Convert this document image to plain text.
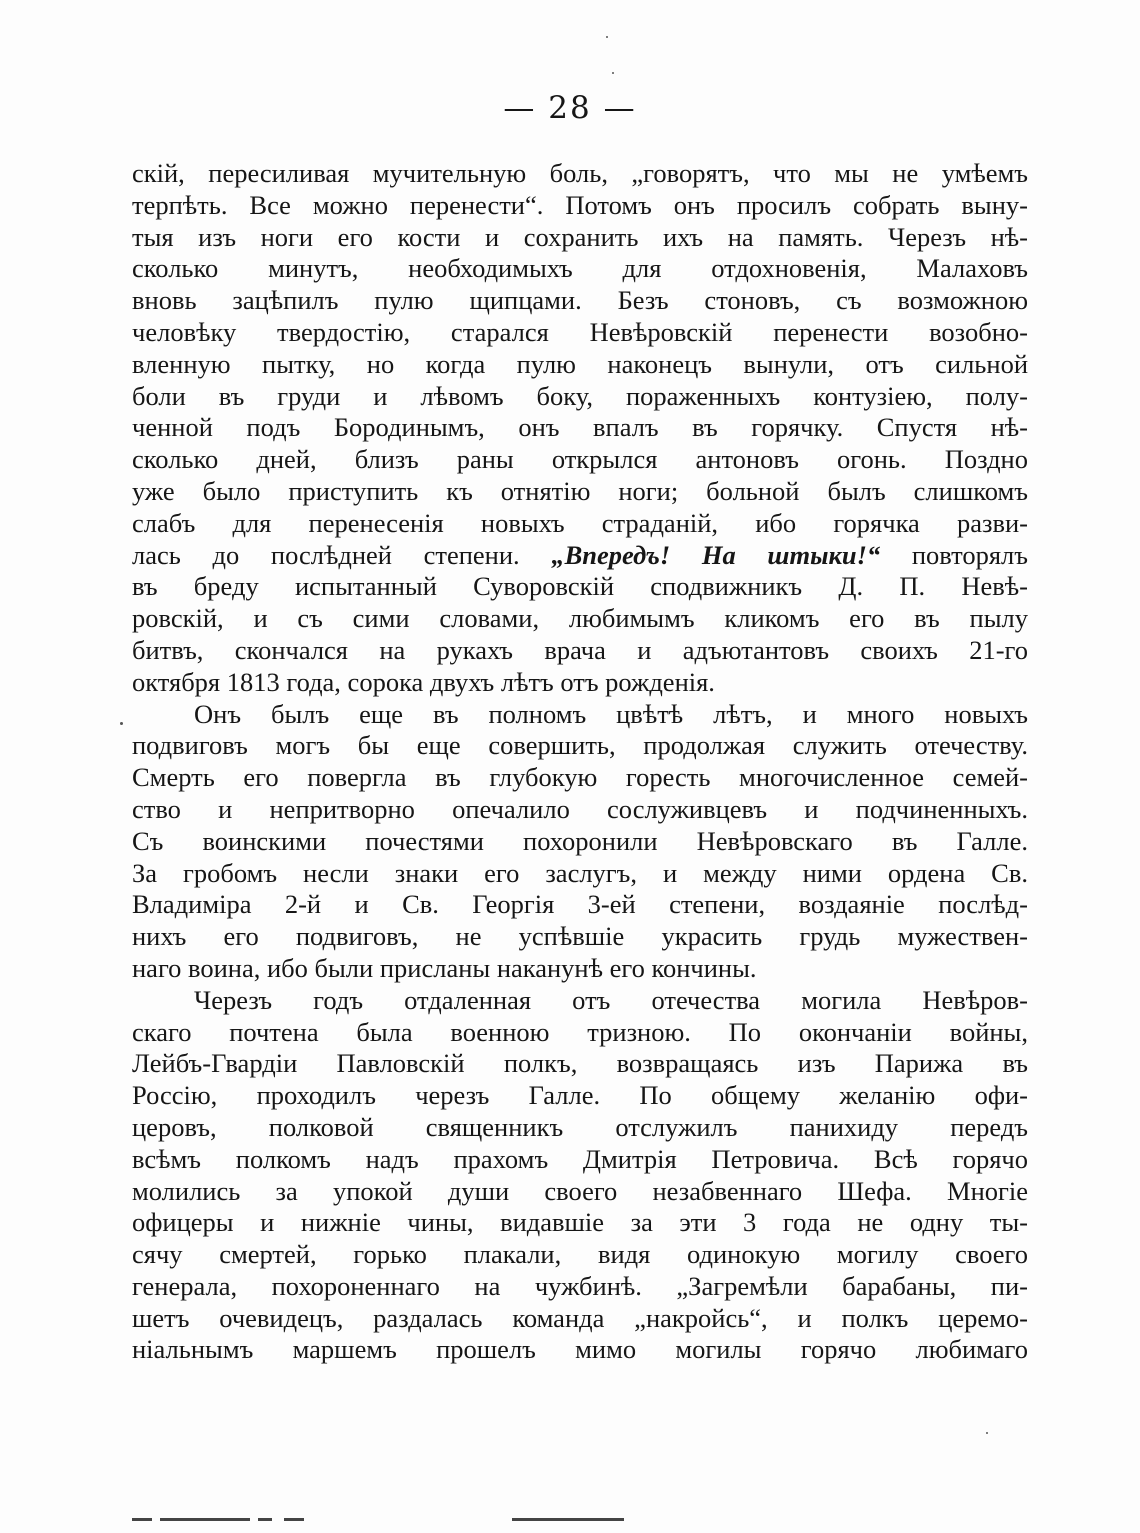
— 28 —
скій, пересиливая мучительную боль, „говорятъ, что мы не умѣемъ
терпѣть. Все можно перенести“. Потомъ онъ просилъ собрать выну-
тыя изъ ноги его кости и сохранить ихъ на память. Черезъ нѣ-
сколько минутъ, необходимыхъ для отдохновенія, Малаховъ
вновь зацѣпилъ пулю щипцами. Безъ стоновъ, съ возможною
человѣку твердостію, старался Невѣровскій перенести возобно-
вленную пытку, но когда пулю наконецъ вынули, отъ сильной
боли въ груди и лѣвомъ боку, пораженныхъ контузіею, полу-
ченной подъ Бородинымъ, онъ впалъ въ горячку. Спустя нѣ-
сколько дней, близъ раны открылся антоновъ огонь. Поздно
уже было приступить къ отнятію ноги; больной былъ слишкомъ
слабъ для перенесенія новыхъ страданій, ибо горячка разви-
лась до послѣдней степени. „Впередъ! На штыки!“ повторялъ
въ бреду испытанный Суворовскій сподвижникъ Д. П. Невѣ-
ровскій, и съ сими словами, любимымъ кликомъ его въ пылу
битвъ, скончался на рукахъ врача и адъютантовъ своихъ 21-го
октября 1813 года, сорока двухъ лѣтъ отъ рожденія.
Онъ былъ еще въ полномъ цвѣтѣ лѣтъ, и много новыхъ
подвиговъ могъ бы еще совершить, продолжая служить отечеству.
Смерть его повергла въ глубокую горесть многочисленное семей-
ство и непритворно опечалило сослуживцевъ и подчиненныхъ.
Съ воинскими почестями похоронили Невѣровскаго въ Галле.
За гробомъ несли знаки его заслугъ, и между ними ордена Св.
Владиміра 2-й и Св. Георгія 3-ей степени, воздаяніе послѣд-
нихъ его подвиговъ, не успѣвшіе украсить грудь мужествен-
наго воина, ибо были присланы наканунѣ его кончины.
Черезъ годъ отдаленная отъ отечества могила Невѣров-
скаго почтена была военною тризною. По окончаніи войны,
Лейбъ-Гвардіи Павловскій полкъ, возвращаясь изъ Парижа въ
Россію, проходилъ черезъ Галле. По общему желанію офи-
церовъ, полковой священникъ отслужилъ панихиду передъ
всѣмъ полкомъ надъ прахомъ Дмитрія Петровича. Всѣ горячо
молились за упокой души своего незабвеннаго Шефа. Многіе
офицеры и нижніе чины, видавшіе за эти 3 года не одну ты-
сячу смертей, горько плакали, видя одинокую могилу своего
генерала, похороненнаго на чужбинѣ. „Загремѣли барабаны, пи-
шетъ очевидецъ, раздалась команда „накройсь“, и полкъ церемо-
ніальнымъ маршемъ прошелъ мимо могилы горячо любимаго
